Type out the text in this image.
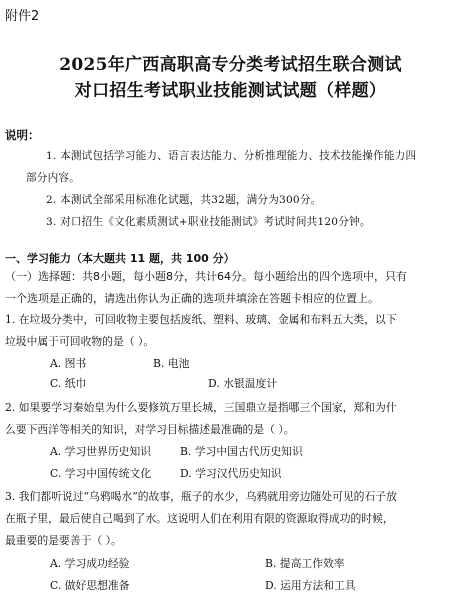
附件2
2025年广西高职高专分类考试招生联合测试
对口招生考试职业技能测试试题（样题）
说明：
1. 本测试包括学习能力、语言表达能力、分析推理能力、技术技能操作能力四
部分内容。
2. 本测试全部采用标准化试题，共32题，满分为300分。
3. 对口招生《文化素质测试+职业技能测试》考试时间共120分钟。
一、学习能力（本大题共 11 题，共 100 分）
（一）选择题：共8小题，每小题8分，共计64分。每小题给出的四个选项中，只有
一个选项是正确的，请选出你认为正确的选项并填涂在答题卡相应的位置上。
1. 在垃圾分类中，可回收物主要包括废纸、塑料、玻璃、金属和布料五大类，以下
垃圾中属于可回收物的是（ ）。
A. 图书	B. 电池
C. 纸巾	D. 水银温度计
2. 如果要学习秦始皇为什么要修筑万里长城，三国鼎立是指哪三个国家，郑和为什
么要下西洋等相关的知识，对学习目标描述最准确的是（ ）。
A. 学习世界历史知识	B. 学习中国古代历史知识
C. 学习中国传统文化	D. 学习汉代历史知识
3. 我们都听说过“乌鸦喝水”的故事，瓶子的水少，乌鸦就用旁边随处可见的石子放
在瓶子里，最后使自己喝到了水。这说明人们在利用有限的资源取得成功的时候，
最重要的是要善于（ ）。
A. 学习成功经验	B. 提高工作效率
C. 做好思想准备	D. 运用方法和工具
